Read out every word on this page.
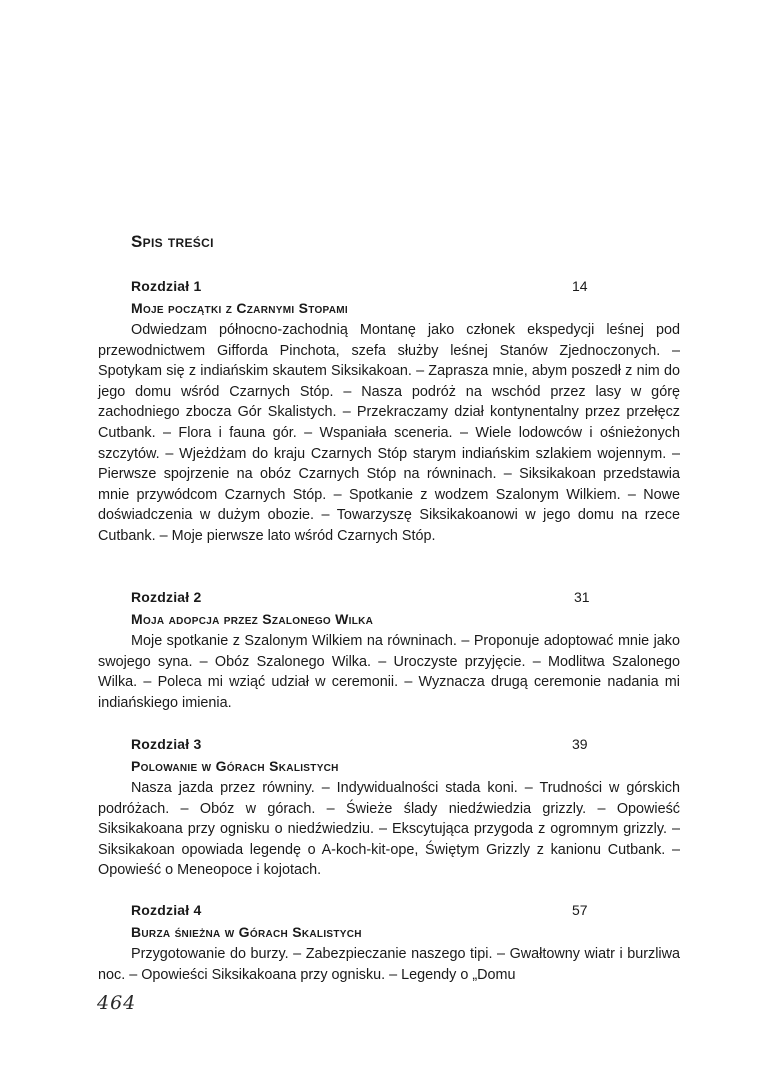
Spis treści
Rozdział 1	14
Moje początki z Czarnymi Stopami

Odwiedzam północno-zachodnią Montanę jako członek ekspedycji leśnej pod przewodnictwem Gifforda Pinchota, szefa służby leśnej Stanów Zjednoczonych. – Spotykam się z indiańskim skautem Siksikakoan. – Zaprasza mnie, abym poszedł z nim do jego domu wśród Czarnych Stóp. – Nasza podróż na wschód przez lasy w górę zachodniego zbocza Gór Skalistych. – Przekraczamy dział kontynentalny przez przełęcz Cutbank. – Flora i fauna gór. – Wspaniała sceneria. – Wiele lodowców i ośnieżonych szczytów. – Wjeżdżam do kraju Czarnych Stóp starym indiańskim szlakiem wojennym. – Pierwsze spojrzenie na obóz Czarnych Stóp na równinach. – Siksikakoan przedstawia mnie przywódcom Czarnych Stóp. – Spotkanie z wodzem Szalonym Wilkiem. – Nowe doświadczenia w dużym obozie. – Towarzyszę Siksikakoanowi w jego domu na rzece Cutbank. – Moje pierwsze lato wśród Czarnych Stóp.

Rozdział 2	31
Moja adopcja przez Szalonego Wilka

Moje spotkanie z Szalonym Wilkiem na równinach. – Proponuje adoptować mnie jako swojego syna. – Obóz Szalonego Wilka. – Uroczyste przyjęcie. – Modlitwa Szalonego Wilka. – Poleca mi wziąć udział w ceremonii. – Wyznacza drugą ceremonie nadania mi indiańskiego imienia.

Rozdział 3	39
Polowanie w Górach Skalistych

Nasza jazda przez równiny. – Indywidualności stada koni. – Trudności w górskich podróżach. – Obóz w górach. – Świeże ślady niedźwiedzia grizzly. – Opowieść Siksikakoana przy ognisku o niedźwiedziu. – Ekscytująca przygoda z ogromnym grizzly. – Siksikakoan opowiada legendę o A-koch-kit-ope, Świętym Grizzly z kanionu Cutbank. – Opowieść o Meneopoce i kojotach.

Rozdział 4	57
Burza śnieżna w Górach Skalistych

Przygotowanie do burzy. – Zabezpieczanie naszego tipi. – Gwałtowny wiatr i burzliwa noc. – Opowieści Siksikakoana przy ognisku. – Legendy o „Domu

464
